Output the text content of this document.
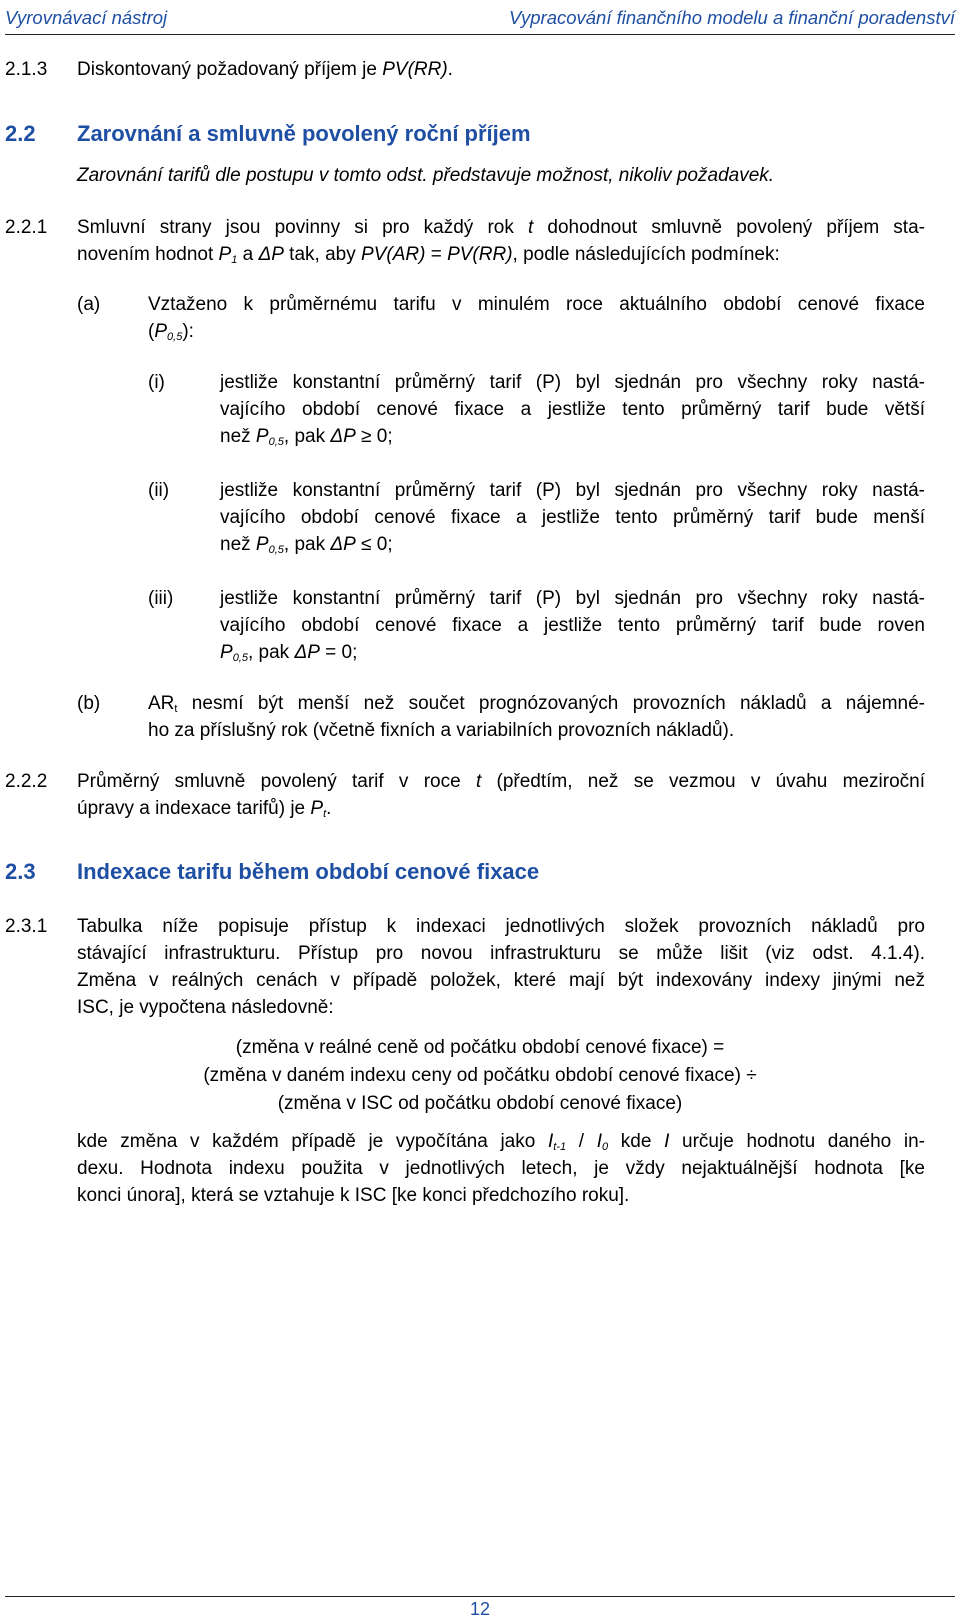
Vyrovnávací nástroj	Vypracování finančního modelu a finanční poradenství
2.1.3 Diskontovaný požadovaný příjem je PV(RR).
2.2 Zarovnání a smluvně povolený roční příjem
Zarovnání tarifů dle postupu v tomto odst. představuje možnost, nikoliv požadavek.
2.2.1 Smluvní strany jsou povinny si pro každý rok t dohodnout smluvně povolený příjem sta-
novením hodnot $P_1$ a ΔP tak, aby PV(AR) = PV(RR), podle následujících podmínek:
(a)	Vztaženo k průměrnému tarifu v minulém roce aktuálního období cenové fixace
$(P_{0,5})$:
(i)	jestliže konstantní průměrný tarif (P) byl sjednán pro všechny roky nastá-
vajícího období cenové fixace a jestliže tento průměrný tarif bude větší
než $P_{0,5}$, pak ΔP ≥ 0;
(ii)	jestliže konstantní průměrný tarif (P) byl sjednán pro všechny roky nastá-
vajícího období cenové fixace a jestliže tento průměrný tarif bude menší
než $P_{0,5}$, pak ΔP ≤ 0;
(iii) jestliže konstantní průměrný tarif (P) byl sjednán pro všechny roky nastá-
vajícího období cenové fixace a jestliže tento průměrný tarif bude roven
$P_{0,5}$, pak ΔP = 0;
(b)	$AR_t$ nesmí být menší než součet prognózovaných provozních nákladů a nájemné-
ho za příslušný rok (včetně fixních a variabilních provozních nákladů).
2.2.2 Průměrný smluvně povolený tarif v roce t (předtím, než se vezmou v úvahu meziroční
úpravy a indexace tarifů) je $P_t$.
2.3 Indexace tarifu během období cenové fixace
2.3.1 Tabulka níže popisuje přístup k indexaci jednotlivých složek provozních nákladů pro
stávající infrastrukturu. Přístup pro novou infrastrukturu se může lišit (viz odst. 4.1.4).
Změna v reálných cenách v případě položek, které mají být indexovány indexy jinými než
ISC, je vypočtena následovně:
(změna v reálné ceně od počátku období cenové fixace) =
(změna v daném indexu ceny od počátku období cenové fixace) ÷
(změna v ISC od počátku období cenové fixace)
kde změna v každém případě je vypočítána jako $I_{t-1} / I_0$ kde I určuje hodnotu daného in-
dexu. Hodnota indexu použita v jednotlivých letech, je vždy nejaktuálnější hodnota [ke
konci února], která se vztahuje k ISC [ke konci předchozího roku].
12
